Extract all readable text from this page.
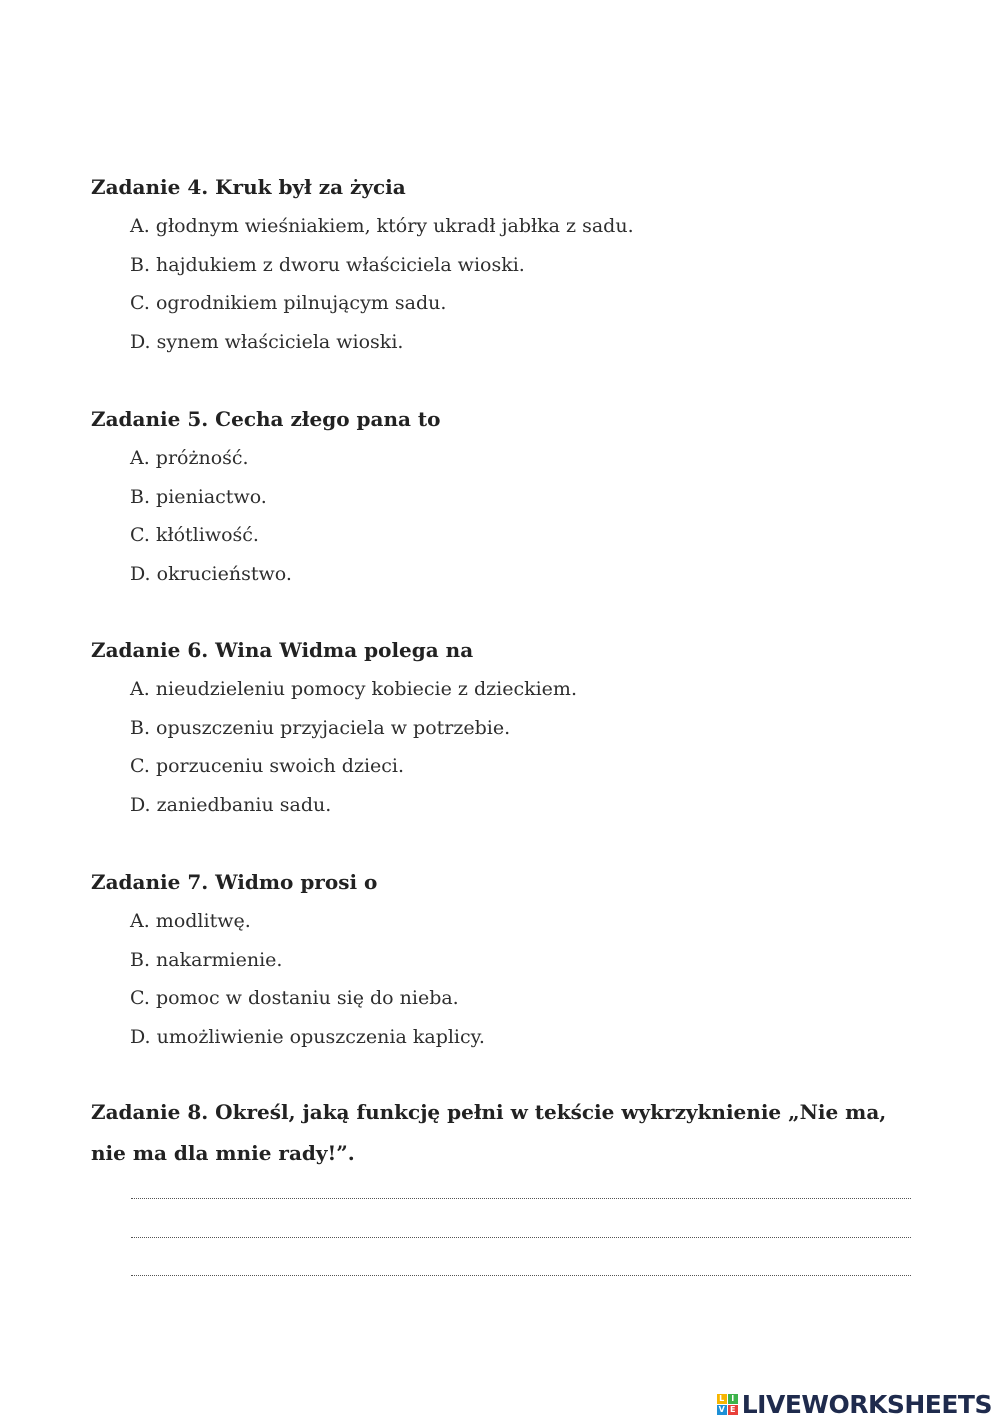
Zadanie 4. Kruk był za życia

A. głodnym wieśniakiem, który ukradł jabłka z sadu.
B. hajdukiem z dworu właściciela wioski.
C. ogrodnikiem pilnującym sadu.
D. synem właściciela wioski.

Zadanie 5. Cecha złego pana to

A. próżność.
B. pieniactwo.
C. kłótliwość.
D. okrucieństwo.

Zadanie 6. Wina Widma polega na

A. nieudzieleniu pomocy kobiecie z dzieckiem.
B. opuszczeniu przyjaciela w potrzebie.
C. porzuceniu swoich dzieci.
D. zaniedbaniu sadu.

Zadanie 7. Widmo prosi o

A. modlitwę.
B. nakarmienie.
C. pomoc w dostaniu się do nieba.
D. umożliwienie opuszczenia kaplicy.
Zadanie 8. Określ, jaką funkcję pełni w tekście wykrzyknienie „Nie ma,
nie ma dla mnie rady!”.
L I
V E LIVEWORKSHEETS
